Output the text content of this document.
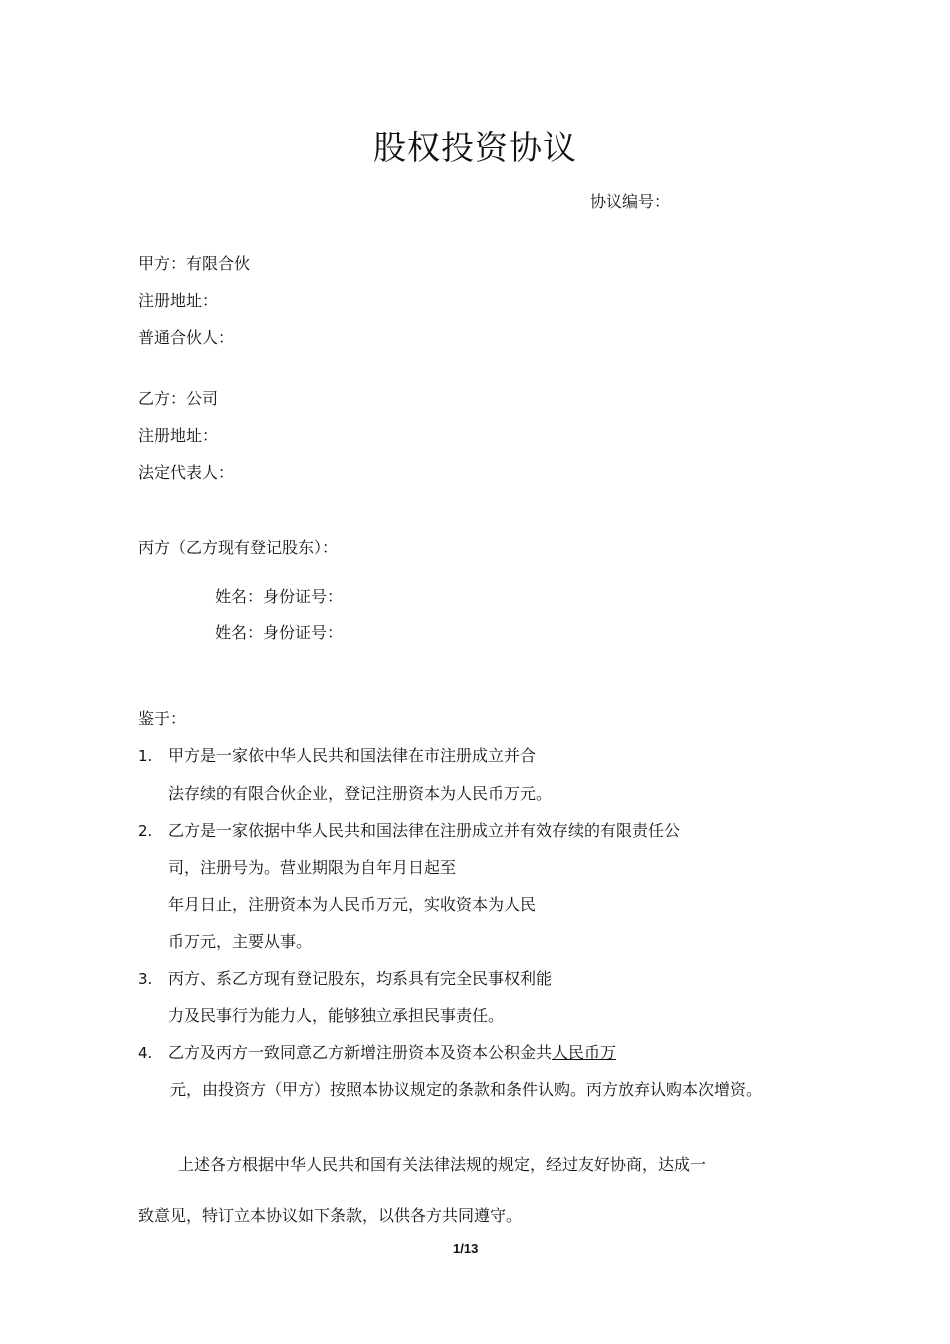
股权投资协议
协议编号：
甲方：有限合伙
注册地址：
普通合伙人：
乙方：公司
注册地址：
法定代表人：
丙方（乙方现有登记股东）：
姓名：身份证号：
姓名：身份证号：
鉴于：
1. 甲方是一家依中华人民共和国法律在市注册成立并合
法存续的有限合伙企业，登记注册资本为人民币万元。
2. 乙方是一家依据中华人民共和国法律在注册成立并有效存续的有限责任公
司，注册号为。营业期限为自年月日起至
年月日止，注册资本为人民币万元，实收资本为人民
币万元，主要从事。
3. 丙方、系乙方现有登记股东，均系具有完全民事权利能
力及民事行为能力人，能够独立承担民事责任。
4. 乙方及丙方一致同意乙方新增注册资本及资本公积金共人民币万
元，由投资方（甲方）按照本协议规定的条款和条件认购。丙方放弃认购本次增资。
上述各方根据中华人民共和国有关法律法规的规定，经过友好协商，达成一
致意见，特订立本协议如下条款，以供各方共同遵守。
1/13
